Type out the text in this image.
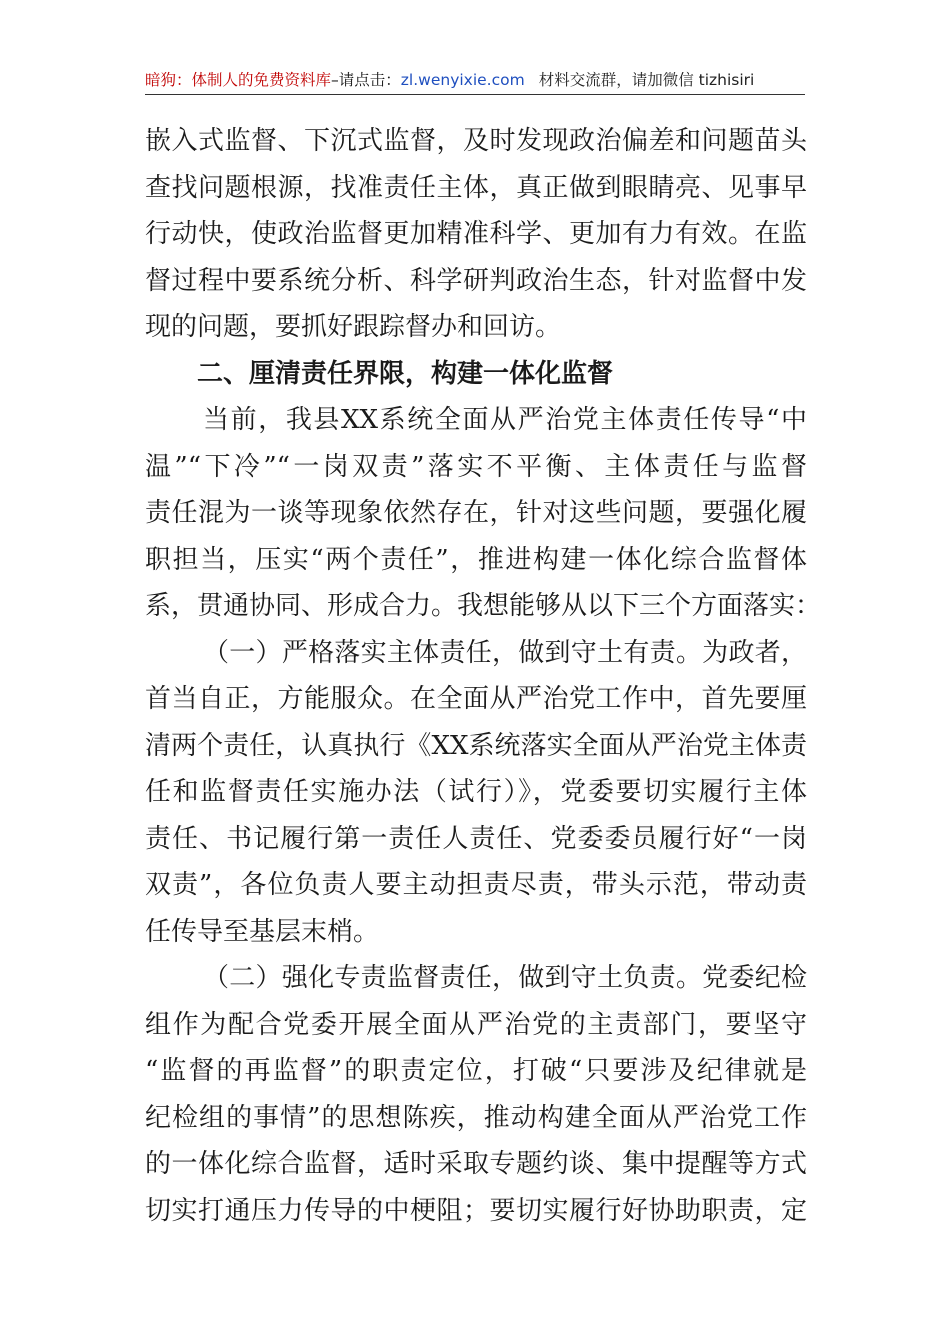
暗狗：体制人的免费资料库–请点击：zl.wenyixie.com 材料交流群，请加微信 tizhisiri
嵌入式监督、下沉式监督，及时发现政治偏差和问题苗头
查找问题根源，找准责任主体，真正做到眼睛亮、见事早
行动快，使政治监督更加精准科学、更加有力有效。在监
督过程中要系统分析、科学研判政治生态，针对监督中发
现的问题，要抓好跟踪督办和回访。
二、厘清责任界限，构建一体化监督
当前，我县XX系统全面从严治党主体责任传导“中
温”“下冷”“一岗双责”落实不平衡、主体责任与监督
责任混为一谈等现象依然存在，针对这些问题，要强化履
职担当，压实“两个责任”，推进构建一体化综合监督体
系，贯通协同、形成合力。我想能够从以下三个方面落实：
（一）严格落实主体责任，做到守土有责。为政者，
首当自正，方能服众。在全面从严治党工作中，首先要厘
清两个责任，认真执行《XX系统落实全面从严治党主体责
任和监督责任实施办法（试行）》，党委要切实履行主体
责任、书记履行第一责任人责任、党委委员履行好“一岗
双责”，各位负责人要主动担责尽责，带头示范，带动责
任传导至基层末梢。
（二）强化专责监督责任，做到守土负责。党委纪检
组作为配合党委开展全面从严治党的主责部门，要坚守
“监督的再监督”的职责定位，打破“只要涉及纪律就是
纪检组的事情”的思想陈疾，推动构建全面从严治党工作
的一体化综合监督，适时采取专题约谈、集中提醒等方式
切实打通压力传导的中梗阻；要切实履行好协助职责，定
